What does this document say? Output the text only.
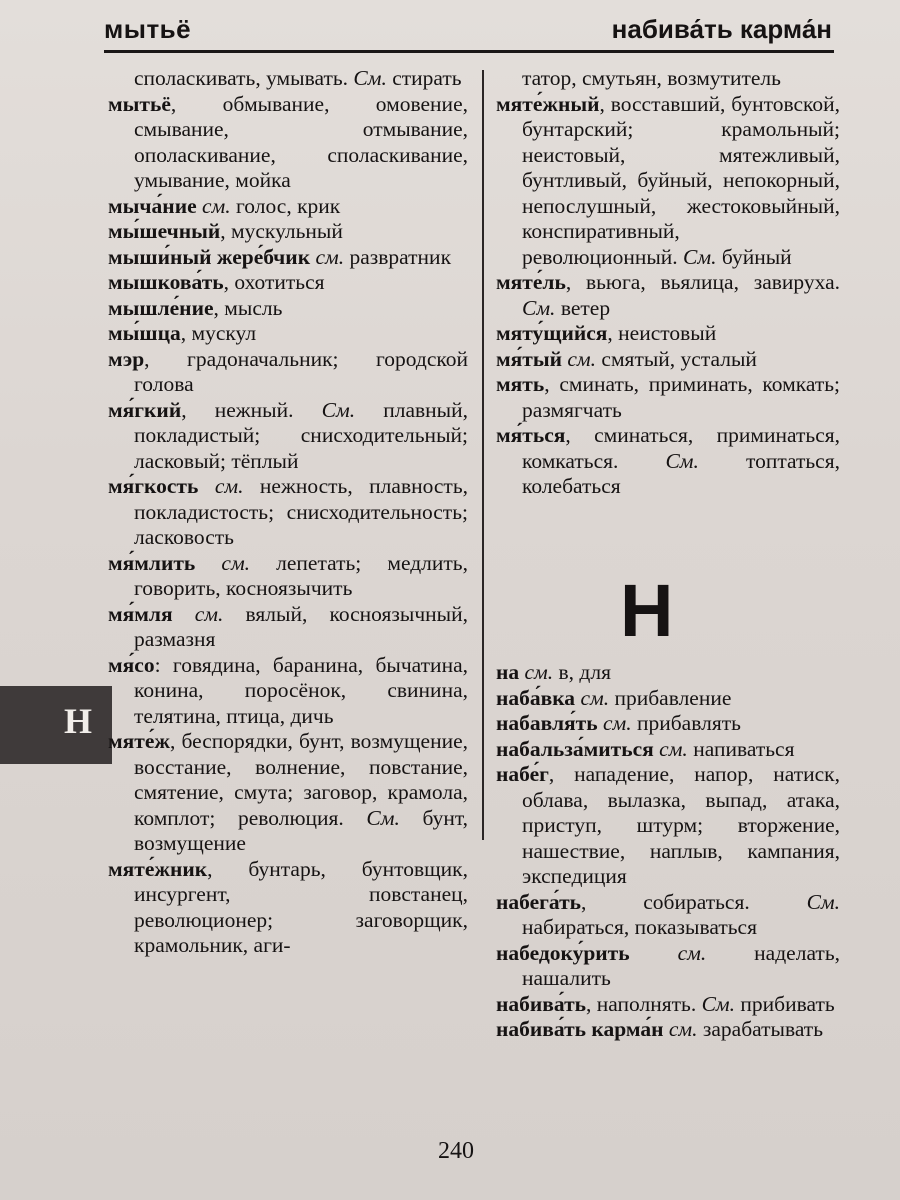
мытьё	набива́ть карма́н
Н

споласкивать, умывать. См. стирать

мытьё, обмывание, омовение, смывание, отмывание, ополаскивание, споласкивание, умывание, мойка

мыча́ние см. голос, крик

мы́шечный, мускульный

мыши́ный жере́бчик см. развратник

мышкова́ть, охотиться

мышле́ние, мысль

мы́шца, мускул

мэр, градоначальник; городской голова

мя́гкий, нежный. См. плавный, покладистый; снисходительный; ласковый; тёплый

мя́гкость см. нежность, плавность, покладистость; снисходительность; ласковость

мя́млить см. лепетать; медлить, говорить, косноязычить

мя́мля см. вялый, косноязычный, размазня

мя́со: говядина, баранина, бычатина, конина, поросёнок, свинина, телятина, птица, дичь

мяте́ж, беспорядки, бунт, возмущение, восстание, волнение, повстание, смятение, смута; заговор, крамола, комплот; революция. См. бунт, возмущение

мяте́жник, бунтарь, бунтовщик, инсургент, повстанец, революционер; заговорщик, крамольник, аги-

татор, смутьян, возмутитель

мяте́жный, восставший, бунтовской, бунтарский; крамольный; неистовый, мятежливый, бунтливый, буйный, непокорный, непослушный, жестоковыйный, конспиративный, революционный. См. буйный

мяте́ль, вьюга, вьялица, завируха. См. ветер

мяту́щийся, неистовый

мя́тый см. смятый, усталый

мять, сминать, приминать, комкать; размягчать

мя́ться, сминаться, приминаться, комкаться. См. топтаться, колебаться

Н

на см. в, для

наба́вка см. прибавление

набавля́ть см. прибавлять

набальза́миться см. напиваться

набе́г, нападение, напор, натиск, облава, вылазка, выпад, атака, приступ, штурм; вторжение, нашествие, наплыв, кампания, экспедиция

набега́ть, собираться. См. набираться, показываться

набедоку́рить см. наделать, нашалить

набива́ть, наполнять. См. прибивать

набива́ть карма́н см. зарабатывать

240
